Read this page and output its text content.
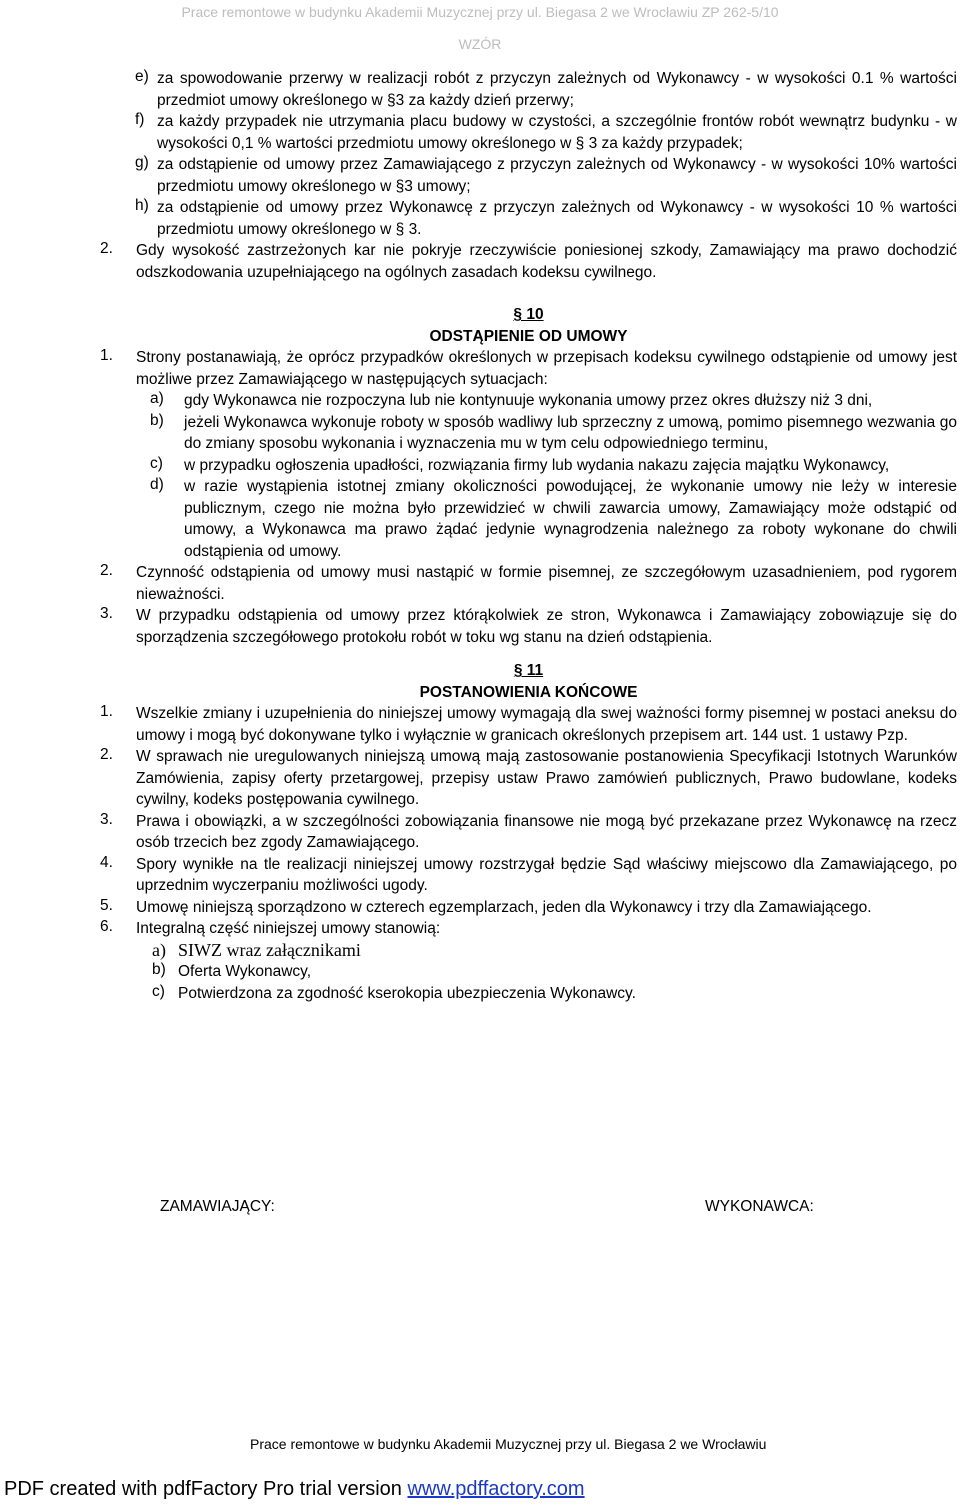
Prace remontowe w budynku Akademii Muzycznej przy ul. Biegasa 2 we Wrocławiu ZP 262-5/10
WZÓR
e) za spowodowanie przerwy w realizacji robót z przyczyn zależnych od Wykonawcy - w wysokości 0.1 % wartości przedmiot umowy określonego w §3 za każdy dzień przerwy;
f) za każdy przypadek nie utrzymania placu budowy w czystości, a szczególnie frontów robót wewnątrz budynku - w wysokości 0,1 % wartości przedmiotu umowy określonego w § 3 za każdy przypadek;
g) za odstąpienie od umowy przez Zamawiającego z przyczyn zależnych od Wykonawcy - w wysokości 10% wartości przedmiotu umowy określonego w §3 umowy;
h) za odstąpienie od umowy przez Wykonawcę z przyczyn zależnych od Wykonawcy - w wysokości 10 % wartości przedmiotu umowy określonego w § 3.
2.	Gdy wysokość zastrzeżonych kar nie pokryje rzeczywiście poniesionej szkody, Zamawiający ma prawo dochodzić odszkodowania uzupełniającego na ogólnych zasadach kodeksu cywilnego.
§ 10
ODSTĄPIENIE OD UMOWY
1.	Strony postanawiają, że oprócz przypadków określonych w przepisach kodeksu cywilnego odstąpienie od umowy jest możliwe przez Zamawiającego w następujących sytuacjach:
a)	gdy Wykonawca nie rozpoczyna lub nie kontynuuje wykonania umowy przez okres dłuższy niż 3 dni,
b)	jeżeli Wykonawca wykonuje roboty w sposób wadliwy lub sprzeczny z umową, pomimo pisemnego wezwania go do zmiany sposobu wykonania i wyznaczenia mu w tym celu odpowiedniego terminu,
c)	w przypadku ogłoszenia upadłości, rozwiązania firmy lub wydania nakazu zajęcia majątku Wykonawcy,
d)	w razie wystąpienia istotnej zmiany okoliczności powodującej, że wykonanie umowy nie leży w interesie publicznym, czego nie można było przewidzieć w chwili zawarcia umowy, Zamawiający może odstąpić od umowy, a Wykonawca ma prawo żądać jedynie wynagrodzenia należnego za roboty wykonane do chwili odstąpienia od umowy.
2.	Czynność odstąpienia od umowy musi nastąpić w formie pisemnej, ze szczegółowym uzasadnieniem, pod rygorem nieważności.
3.	W przypadku odstąpienia od umowy przez którąkolwiek ze stron, Wykonawca i Zamawiający zobowiązuje się do sporządzenia szczegółowego protokołu robót w toku wg stanu na dzień odstąpienia.
§ 11
POSTANOWIENIA KOŃCOWE
1.	Wszelkie zmiany i uzupełnienia do niniejszej umowy wymagają dla swej ważności formy pisemnej w postaci aneksu do umowy i mogą być dokonywane tylko i wyłącznie w granicach określonych przepisem art. 144 ust. 1 ustawy Pzp.
2.	W sprawach nie uregulowanych niniejszą umową mają zastosowanie postanowienia Specyfikacji Istotnych Warunków Zamówienia, zapisy oferty przetargowej, przepisy ustaw Prawo zamówień publicznych, Prawo budowlane, kodeks cywilny, kodeks postępowania cywilnego.
3.	Prawa i obowiązki, a w szczególności zobowiązania finansowe nie mogą być przekazane przez Wykonawcę na rzecz osób trzecich bez zgody Zamawiającego.
4.	Spory wynikłe na tle realizacji niniejszej umowy rozstrzygał będzie Sąd właściwy miejscowo dla Zamawiającego, po uprzednim wyczerpaniu możliwości ugody.
5.	Umowę niniejszą sporządzono w czterech egzemplarzach, jeden dla Wykonawcy i trzy dla Zamawiającego.
6.	Integralną część niniejszej umowy stanowią:
a) SIWZ wraz załącznikami
b) Oferta Wykonawcy,
c) Potwierdzona za zgodność kserokopia ubezpieczenia Wykonawcy.
ZAMAWIAJĄCY:	WYKONAWCA:
Prace remontowe w budynku Akademii Muzycznej przy ul. Biegasa 2 we Wrocławiu
PDF created with pdfFactory Pro trial version www.pdffactory.com
